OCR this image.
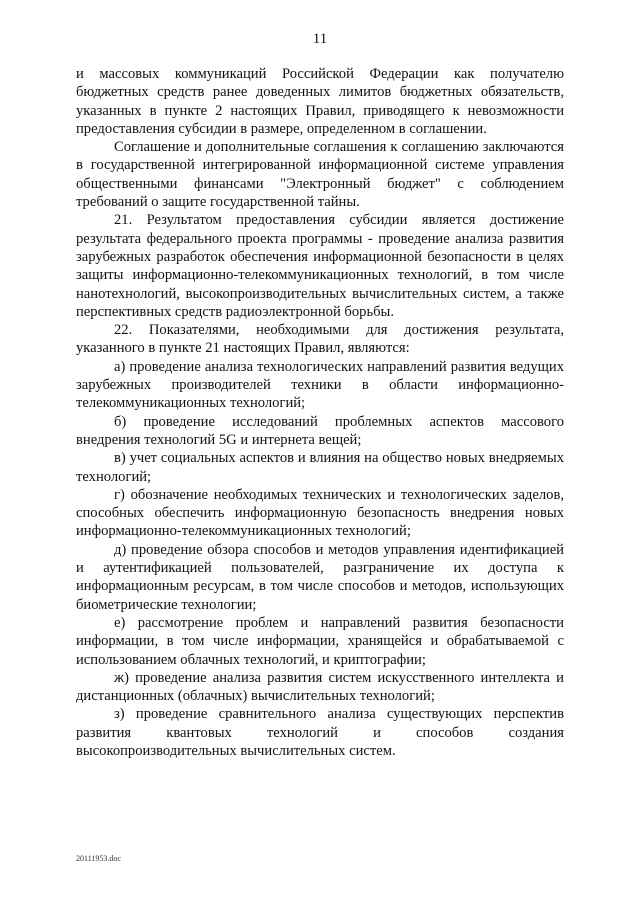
11

и массовых коммуникаций Российской Федерации как получателю бюджетных средств ранее доведенных лимитов бюджетных обязательств, указанных в пункте 2 настоящих Правил, приводящего к невозможности предоставления субсидии в размере, определенном в соглашении.

Соглашение и дополнительные соглашения к соглашению заключаются в государственной интегрированной информационной системе управления общественными финансами "Электронный бюджет" с соблюдением требований о защите государственной тайны.

21. Результатом предоставления субсидии является достижение результата федерального проекта программы - проведение анализа развития зарубежных разработок обеспечения информационной безопасности в целях защиты информационно-телекоммуникационных технологий, в том числе нанотехнологий, высокопроизводительных вычислительных систем, а также перспективных средств радиоэлектронной борьбы.

22. Показателями, необходимыми для достижения результата, указанного в пункте 21 настоящих Правил, являются:

а) проведение анализа технологических направлений развития ведущих зарубежных производителей техники в области информационно-телекоммуникационных технологий;

б) проведение исследований проблемных аспектов массового внедрения технологий 5G и интернета вещей;

в) учет социальных аспектов и влияния на общество новых внедряемых технологий;

г) обозначение необходимых технических и технологических заделов, способных обеспечить информационную безопасность внедрения новых информационно-телекоммуникационных технологий;

д) проведение обзора способов и методов управления идентификацией и аутентификацией пользователей, разграничение их доступа к информационным ресурсам, в том числе способов и методов, использующих биометрические технологии;

е) рассмотрение проблем и направлений развития безопасности информации, в том числе информации, хранящейся и обрабатываемой с использованием облачных технологий, и криптографии;

ж) проведение анализа развития систем искусственного интеллекта и дистанционных (облачных) вычислительных технологий;

з) проведение сравнительного анализа существующих перспектив развития квантовых технологий и способов создания высокопроизводительных вычислительных систем.

20111953.doc
